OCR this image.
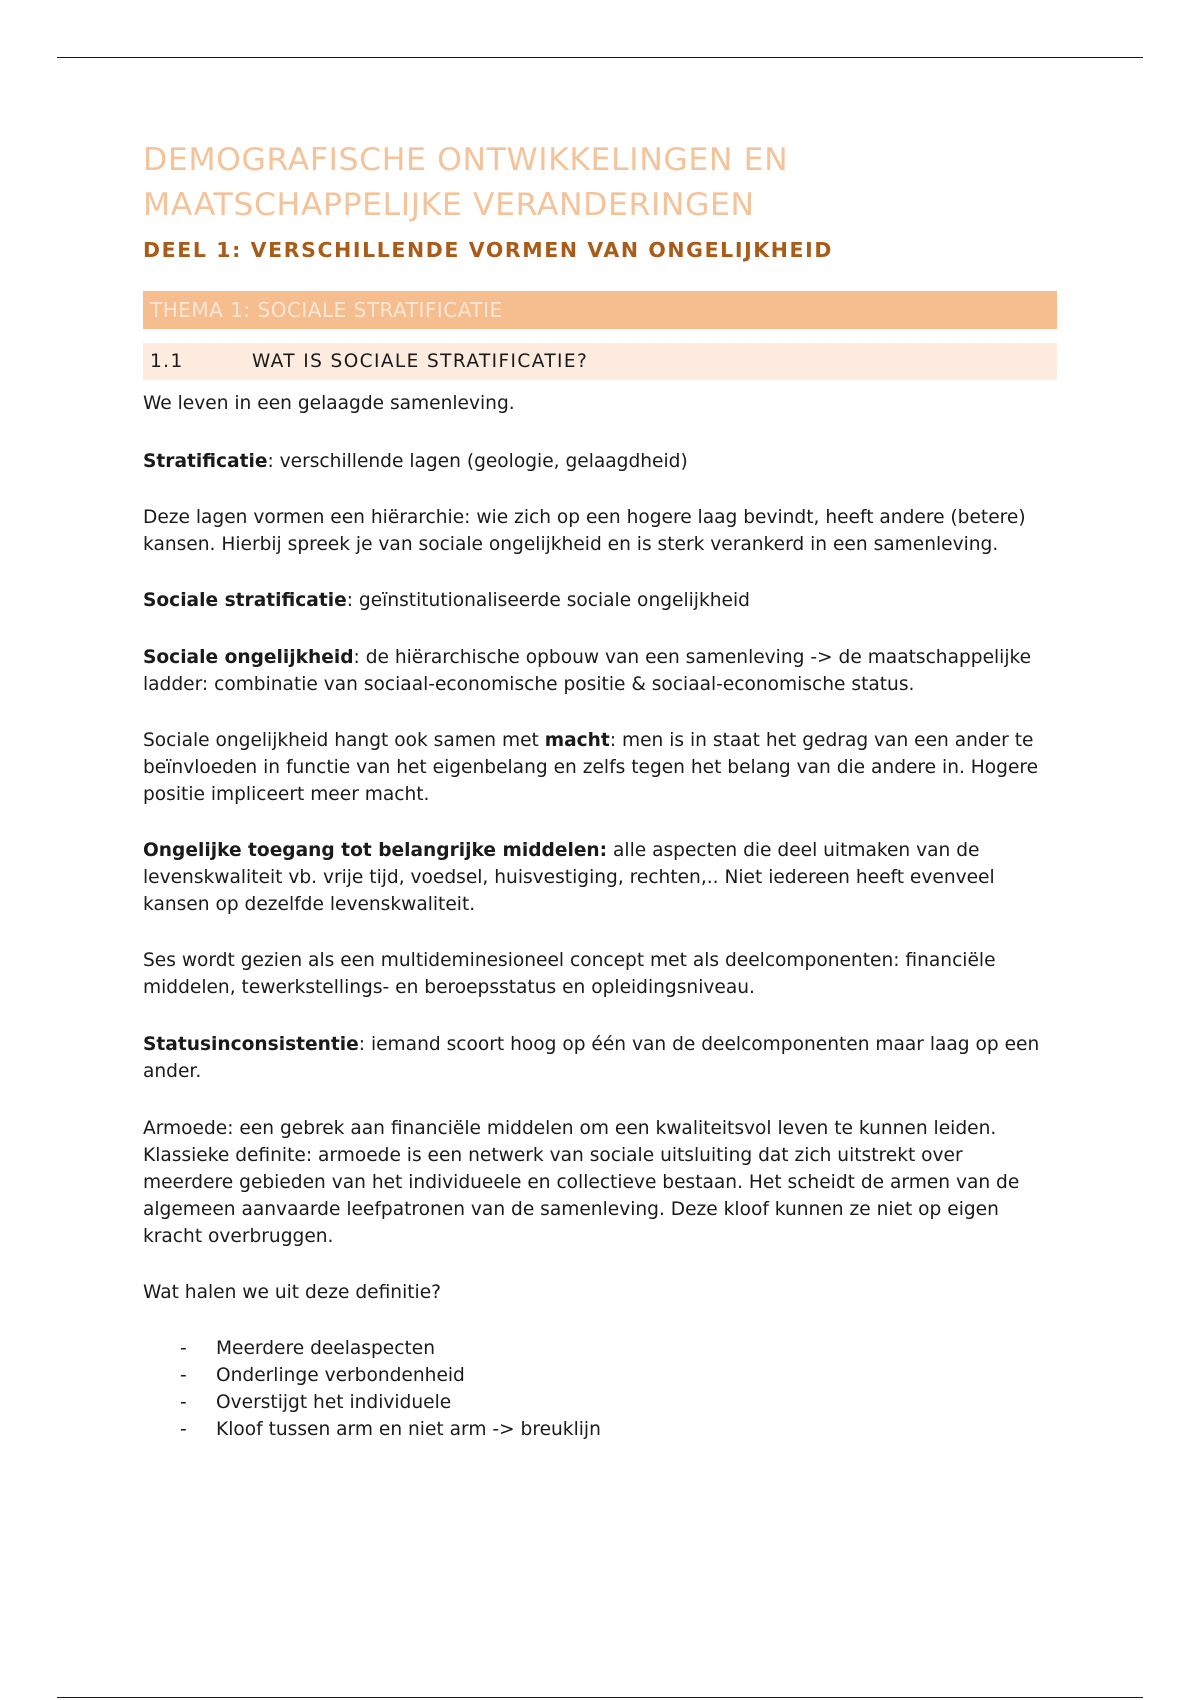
DEMOGRAFISCHE ONTWIKKELINGEN EN
MAATSCHAPPELIJKE VERANDERINGEN
DEEL 1: VERSCHILLENDE VORMEN VAN ONGELIJKHEID
THEMA 1: SOCIALE STRATIFICATIE
1.1	WAT IS SOCIALE STRATIFICATIE?

We leven in een gelaagde samenleving.

Stratificatie: verschillende lagen (geologie, gelaagdheid)

Deze lagen vormen een hiërarchie: wie zich op een hogere laag bevindt, heeft andere (betere) kansen. Hierbij spreek je van sociale ongelijkheid en is sterk verankerd in een samenleving.

Sociale stratificatie: geïnstitutionaliseerde sociale ongelijkheid

Sociale ongelijkheid: de hiërarchische opbouw van een samenleving -> de maatschappelijke ladder: combinatie van sociaal-economische positie & sociaal-economische status.

Sociale ongelijkheid hangt ook samen met macht: men is in staat het gedrag van een ander te beïnvloeden in functie van het eigenbelang en zelfs tegen het belang van die andere in. Hogere positie impliceert meer macht.

Ongelijke toegang tot belangrijke middelen: alle aspecten die deel uitmaken van de levenskwaliteit vb. vrije tijd, voedsel, huisvestiging, rechten,.. Niet iedereen heeft evenveel kansen op dezelfde levenskwaliteit.

Ses wordt gezien als een multideminesioneel concept met als deelcomponenten: financiële middelen, tewerkstellings- en beroepsstatus en opleidingsniveau.

Statusinconsistentie: iemand scoort hoog op één van de deelcomponenten maar laag op een ander.

Armoede: een gebrek aan financiële middelen om een kwaliteitsvol leven te kunnen leiden. Klassieke definite: armoede is een netwerk van sociale uitsluiting dat zich uitstrekt over meerdere gebieden van het individueele en collectieve bestaan. Het scheidt de armen van de algemeen aanvaarde leefpatronen van de samenleving. Deze kloof kunnen ze niet op eigen kracht overbruggen.

Wat halen we uit deze definitie?

- Meerdere deelaspecten
- Onderlinge verbondenheid
- Overstijgt het individuele
- Kloof tussen arm en niet arm -> breuklijn
